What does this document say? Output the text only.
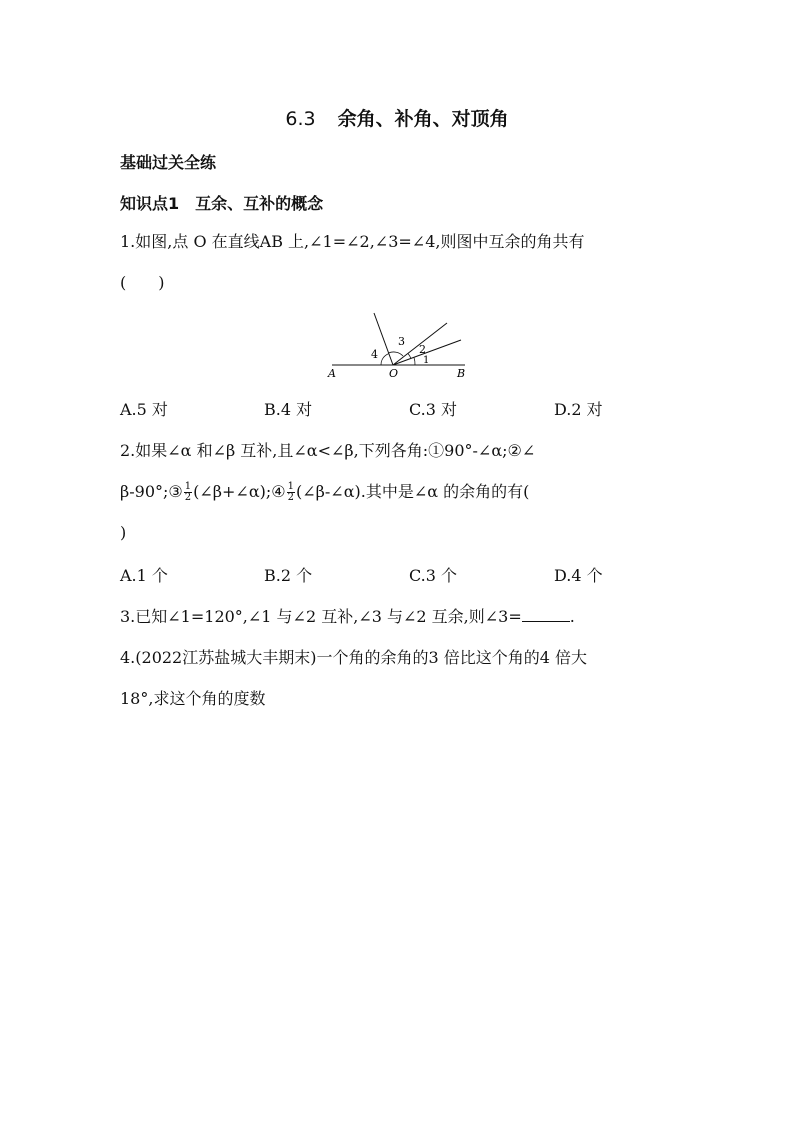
6.3 余角、补角、对顶角
基础过关全练
知识点1　互余、互补的概念
1.如图,点 O 在直线AB 上,∠1=∠2,∠3=∠4,则图中互余的角共有
(　　)
4
3
2
1
A	O	B
A.5 对	B.4 对	C.3 对	D.2 对
2.如果∠α 和∠β 互补,且∠α<∠β,下列各角:①90°-∠α;②∠
β-90°;③ $\frac{1}{2}$ (∠β+∠α);④ $\frac{1}{2}$ (∠β-∠α).其中是∠α 的余角的有(
)
A.1 个	B.2 个	C.3 个	D.4 个
3.已知∠1=120°,∠1 与∠2 互补,∠3 与∠2 互余,则∠3=	.
4.(2022江苏盐城大丰期末)一个角的余角的3 倍比这个角的4 倍大
18°,求这个角的度数
